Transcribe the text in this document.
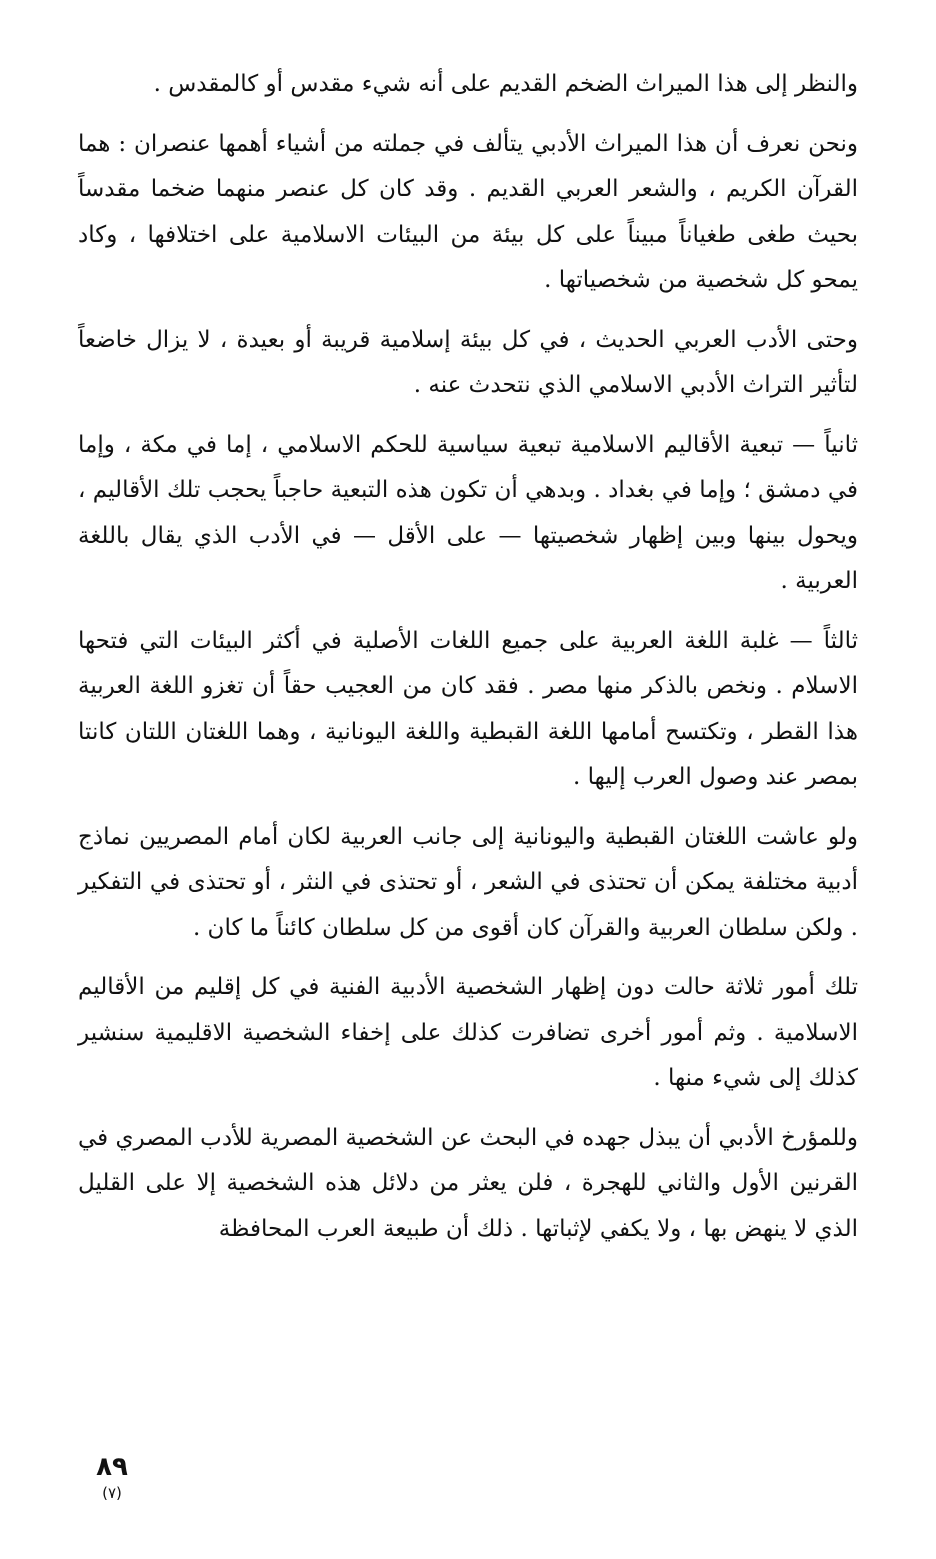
والنظر إلى هذا الميراث الضخم القديم على أنه شيء مقدس أو كالمقدس .

ونحن نعرف أن هذا الميراث الأدبي يتألف في جملته من أشياء أهمها عنصران : هما القرآن الكريم ، والشعر العربي القديم . وقد كان كل عنصر منهما ضخما مقدساً بحيث طغى طغياناً مبيناً على كل بيئة من البيئات الاسلامية على اختلافها ، وكاد يمحو كل شخصية من شخصياتها .

وحتى الأدب العربي الحديث ، في كل بيئة إسلامية قريبة أو بعيدة ، لا يزال خاضعاً لتأثير التراث الأدبي الاسلامي الذي نتحدث عنه .

ثانياً — تبعية الأقاليم الاسلامية تبعية سياسية للحكم الاسلامي ، إما في مكة ، وإما في دمشق ؛ وإما في بغداد . وبدهي أن تكون هذه التبعية حاجباً يحجب تلك الأقاليم ، ويحول بينها وبين إظهار شخصيتها — على الأقل — في الأدب الذي يقال باللغة العربية .

ثالثاً — غلبة اللغة العربية على جميع اللغات الأصلية في أكثر البيئات التي فتحها الاسلام . ونخص بالذكر منها مصر . فقد كان من العجيب حقاً أن تغزو اللغة العربية هذا القطر ، وتكتسح أمامها اللغة القبطية واللغة اليونانية ، وهما اللغتان اللتان كانتا بمصر عند وصول العرب إليها .

ولو عاشت اللغتان القبطية واليونانية إلى جانب العربية لكان أمام المصريين نماذج أدبية مختلفة يمكن أن تحتذى في الشعر ، أو تحتذى في النثر ، أو تحتذى في التفكير . ولكن سلطان العربية والقرآن كان أقوى من كل سلطان كائناً ما كان .

تلك أمور ثلاثة حالت دون إظهار الشخصية الأدبية الفنية في كل إقليم من الأقاليم الاسلامية . وثم أمور أخرى تضافرت كذلك على إخفاء الشخصية الاقليمية سنشير كذلك إلى شيء منها .

وللمؤرخ الأدبي أن يبذل جهده في البحث عن الشخصية المصرية للأدب المصري في القرنين الأول والثاني للهجرة ، فلن يعثر من دلائل هذه الشخصية إلا على القليل الذي لا ينهض بها ، ولا يكفي لإثباتها . ذلك أن طبيعة العرب المحافظة

٨٩
(٧)
